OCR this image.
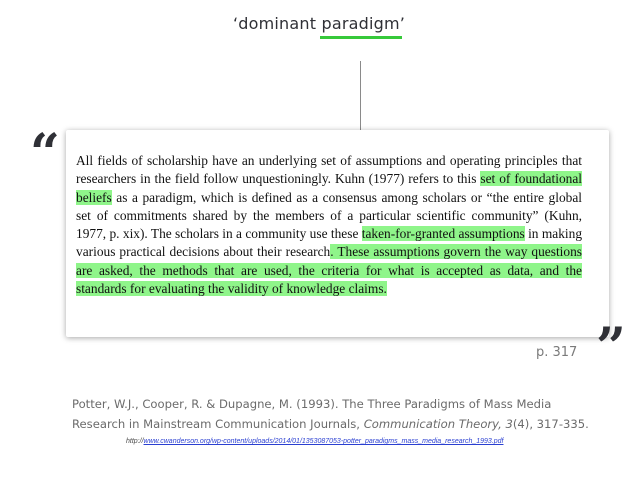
‘dominant paradigm’
“ All fields of scholarship have an underlying set of assumptions and operating principles that researchers in the field follow unquestioningly. Kuhn (1977) refers to this set of foundational beliefs as a paradigm, which is defined as a consensus among scholars or “the entire global set of commitments shared by the members of a particular scientific community” (Kuhn, 1977, p. xix). The scholars in a community use these taken-for-granted assumptions in making various practical decisions about their research. These assumptions govern the way questions are asked, the methods that are used, the criteria for what is accepted as data, and the standards for evaluating the validity of knowledge claims.
”
p. 317
Potter, W.J., Cooper, R. & Dupagne, M. (1993). The Three Paradigms of Mass Media Research in Mainstream Communication Journals, Communication Theory, 3(4), 317-335.
http://www.cwanderson.org/wp-content/uploads/2014/01/1353087053-potter_paradigms_mass_media_research_1993.pdf
